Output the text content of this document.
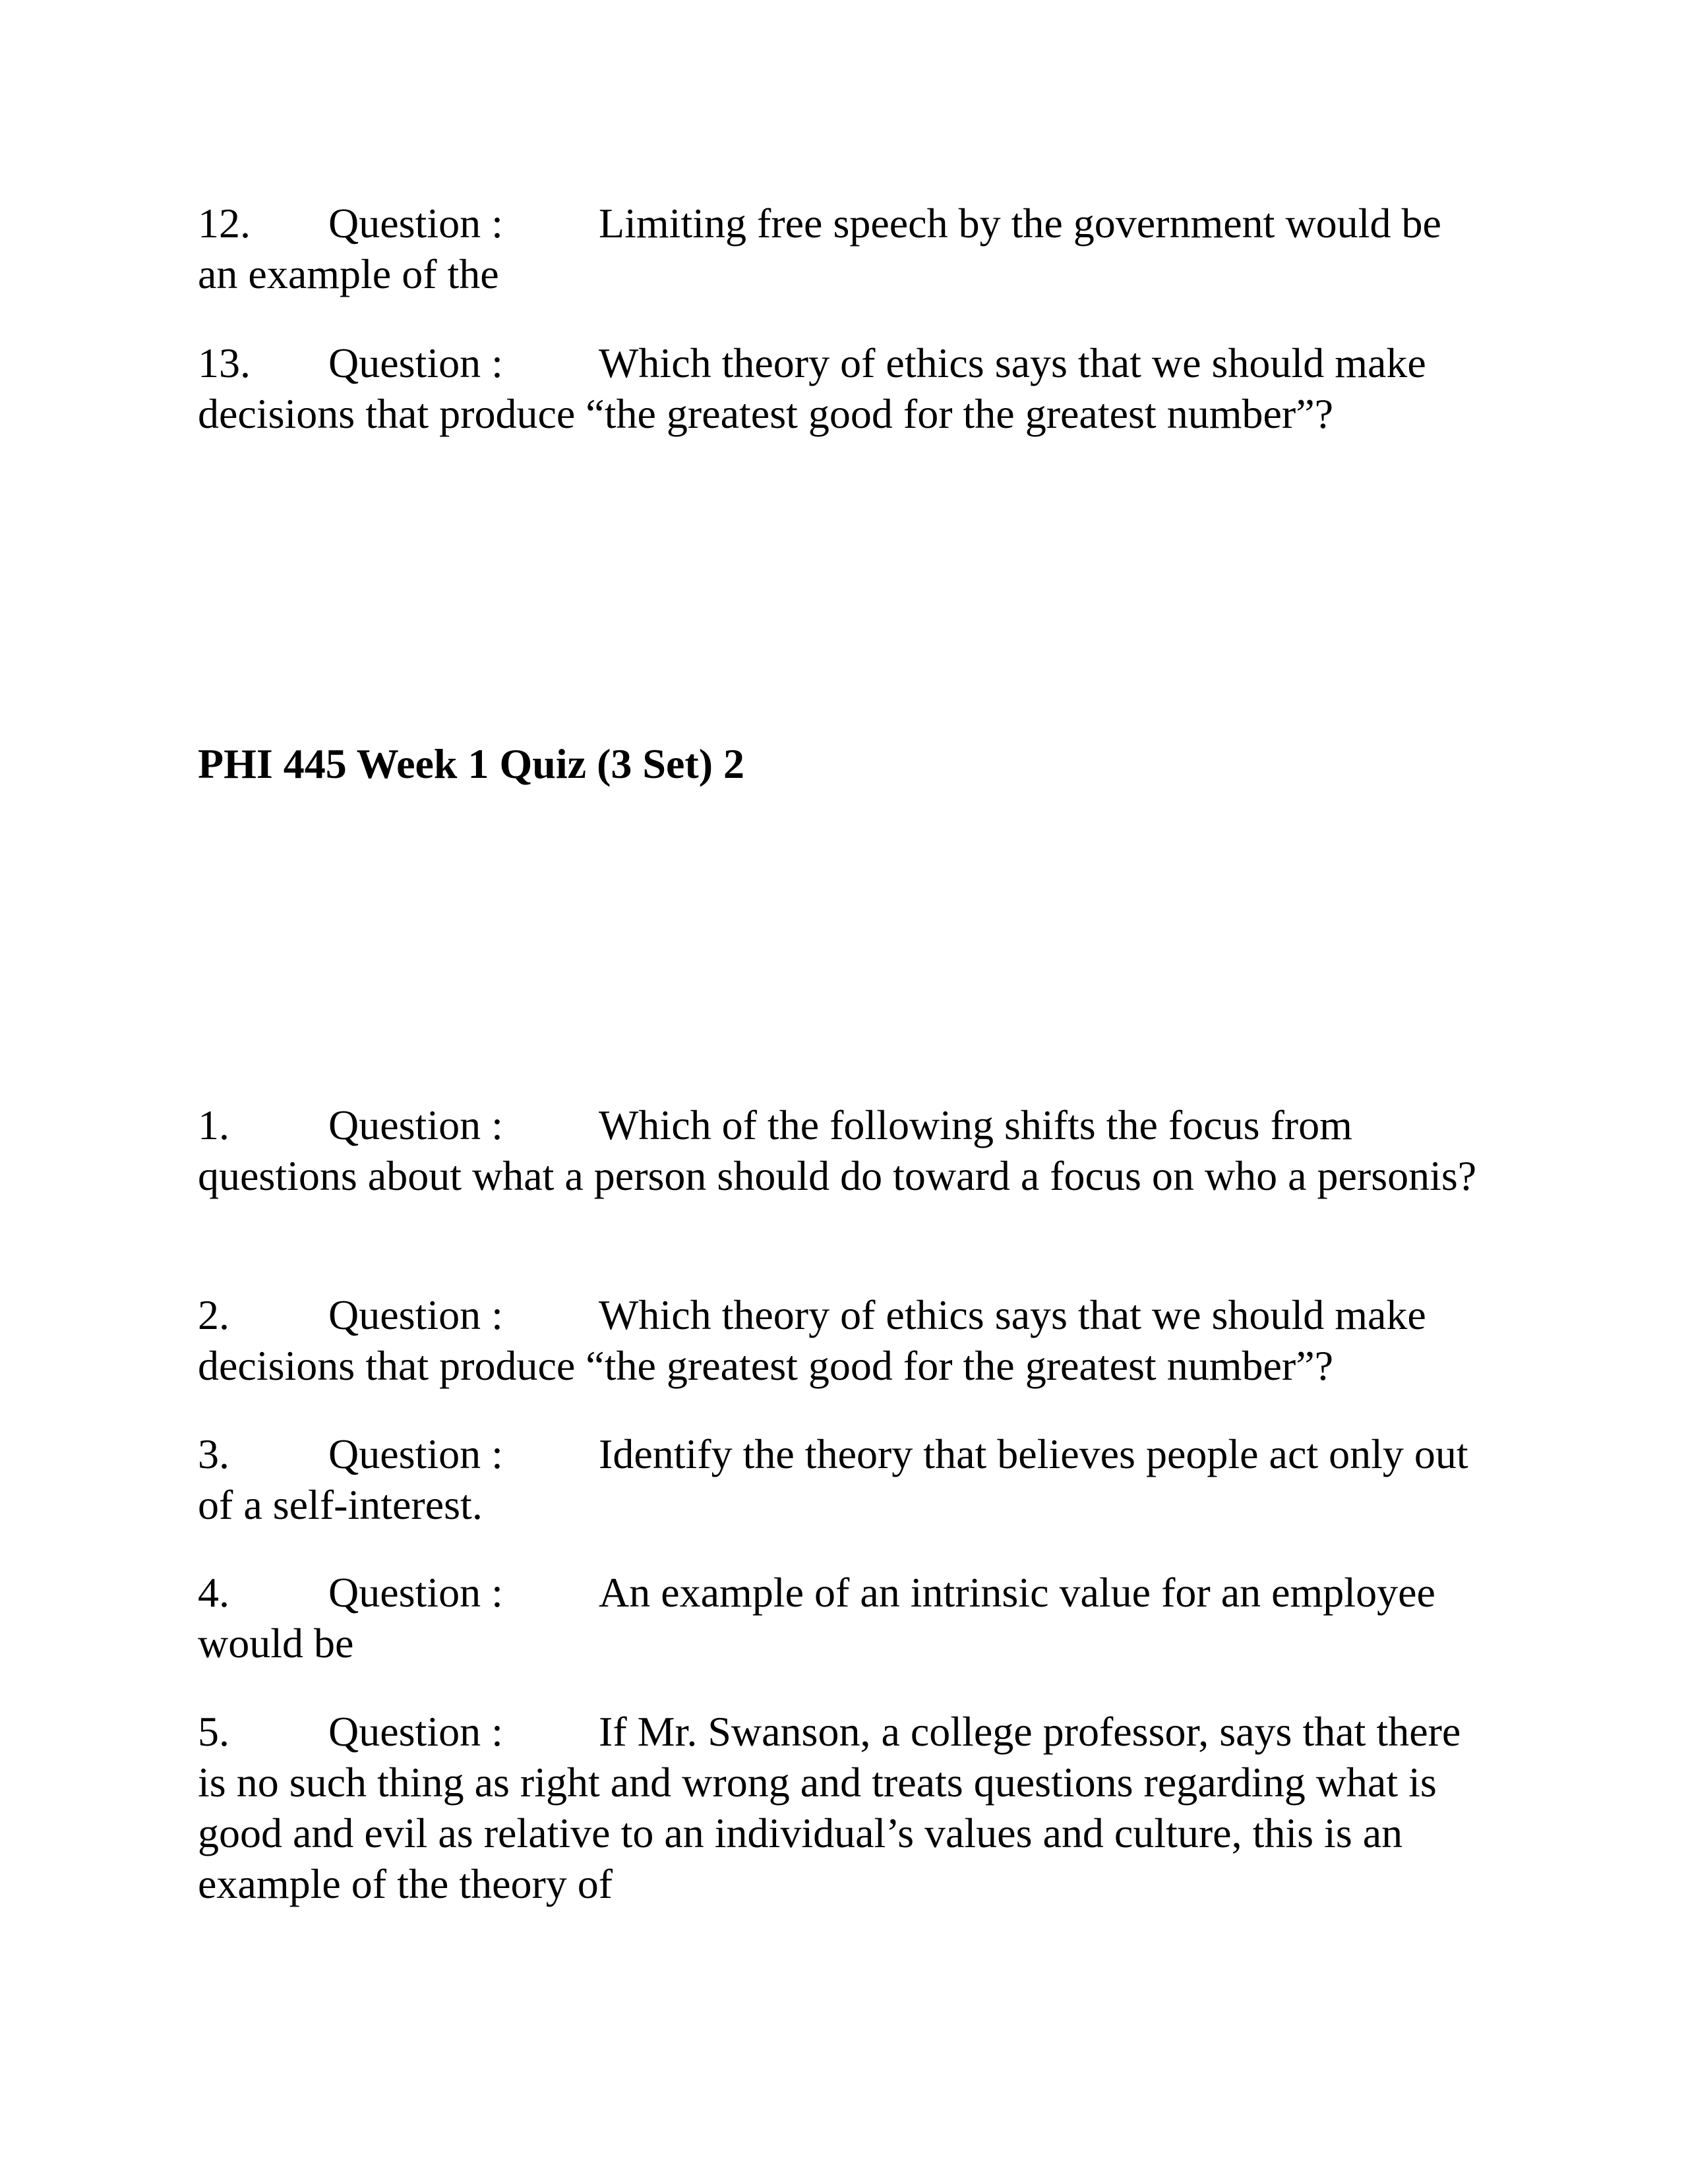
12. Question : Limiting free speech by the government would be an example of the

13. Question : Which theory of ethics says that we should make decisions that produce “the greatest good for the greatest number”?

PHI 445 Week 1 Quiz (3 Set) 2

1. Question : Which of the following shifts the focus from questions about what a person should do toward a focus on who a personis?

2. Question : Which theory of ethics says that we should make decisions that produce “the greatest good for the greatest number”?

3. Question : Identify the theory that believes people act only out of a self-interest.

4. Question : An example of an intrinsic value for an employee would be

5. Question : If Mr. Swanson, a college professor, says that there is no such thing as right and wrong and treats questions regarding what is good and evil as relative to an individual’s values and culture, this is an example of the theory of
